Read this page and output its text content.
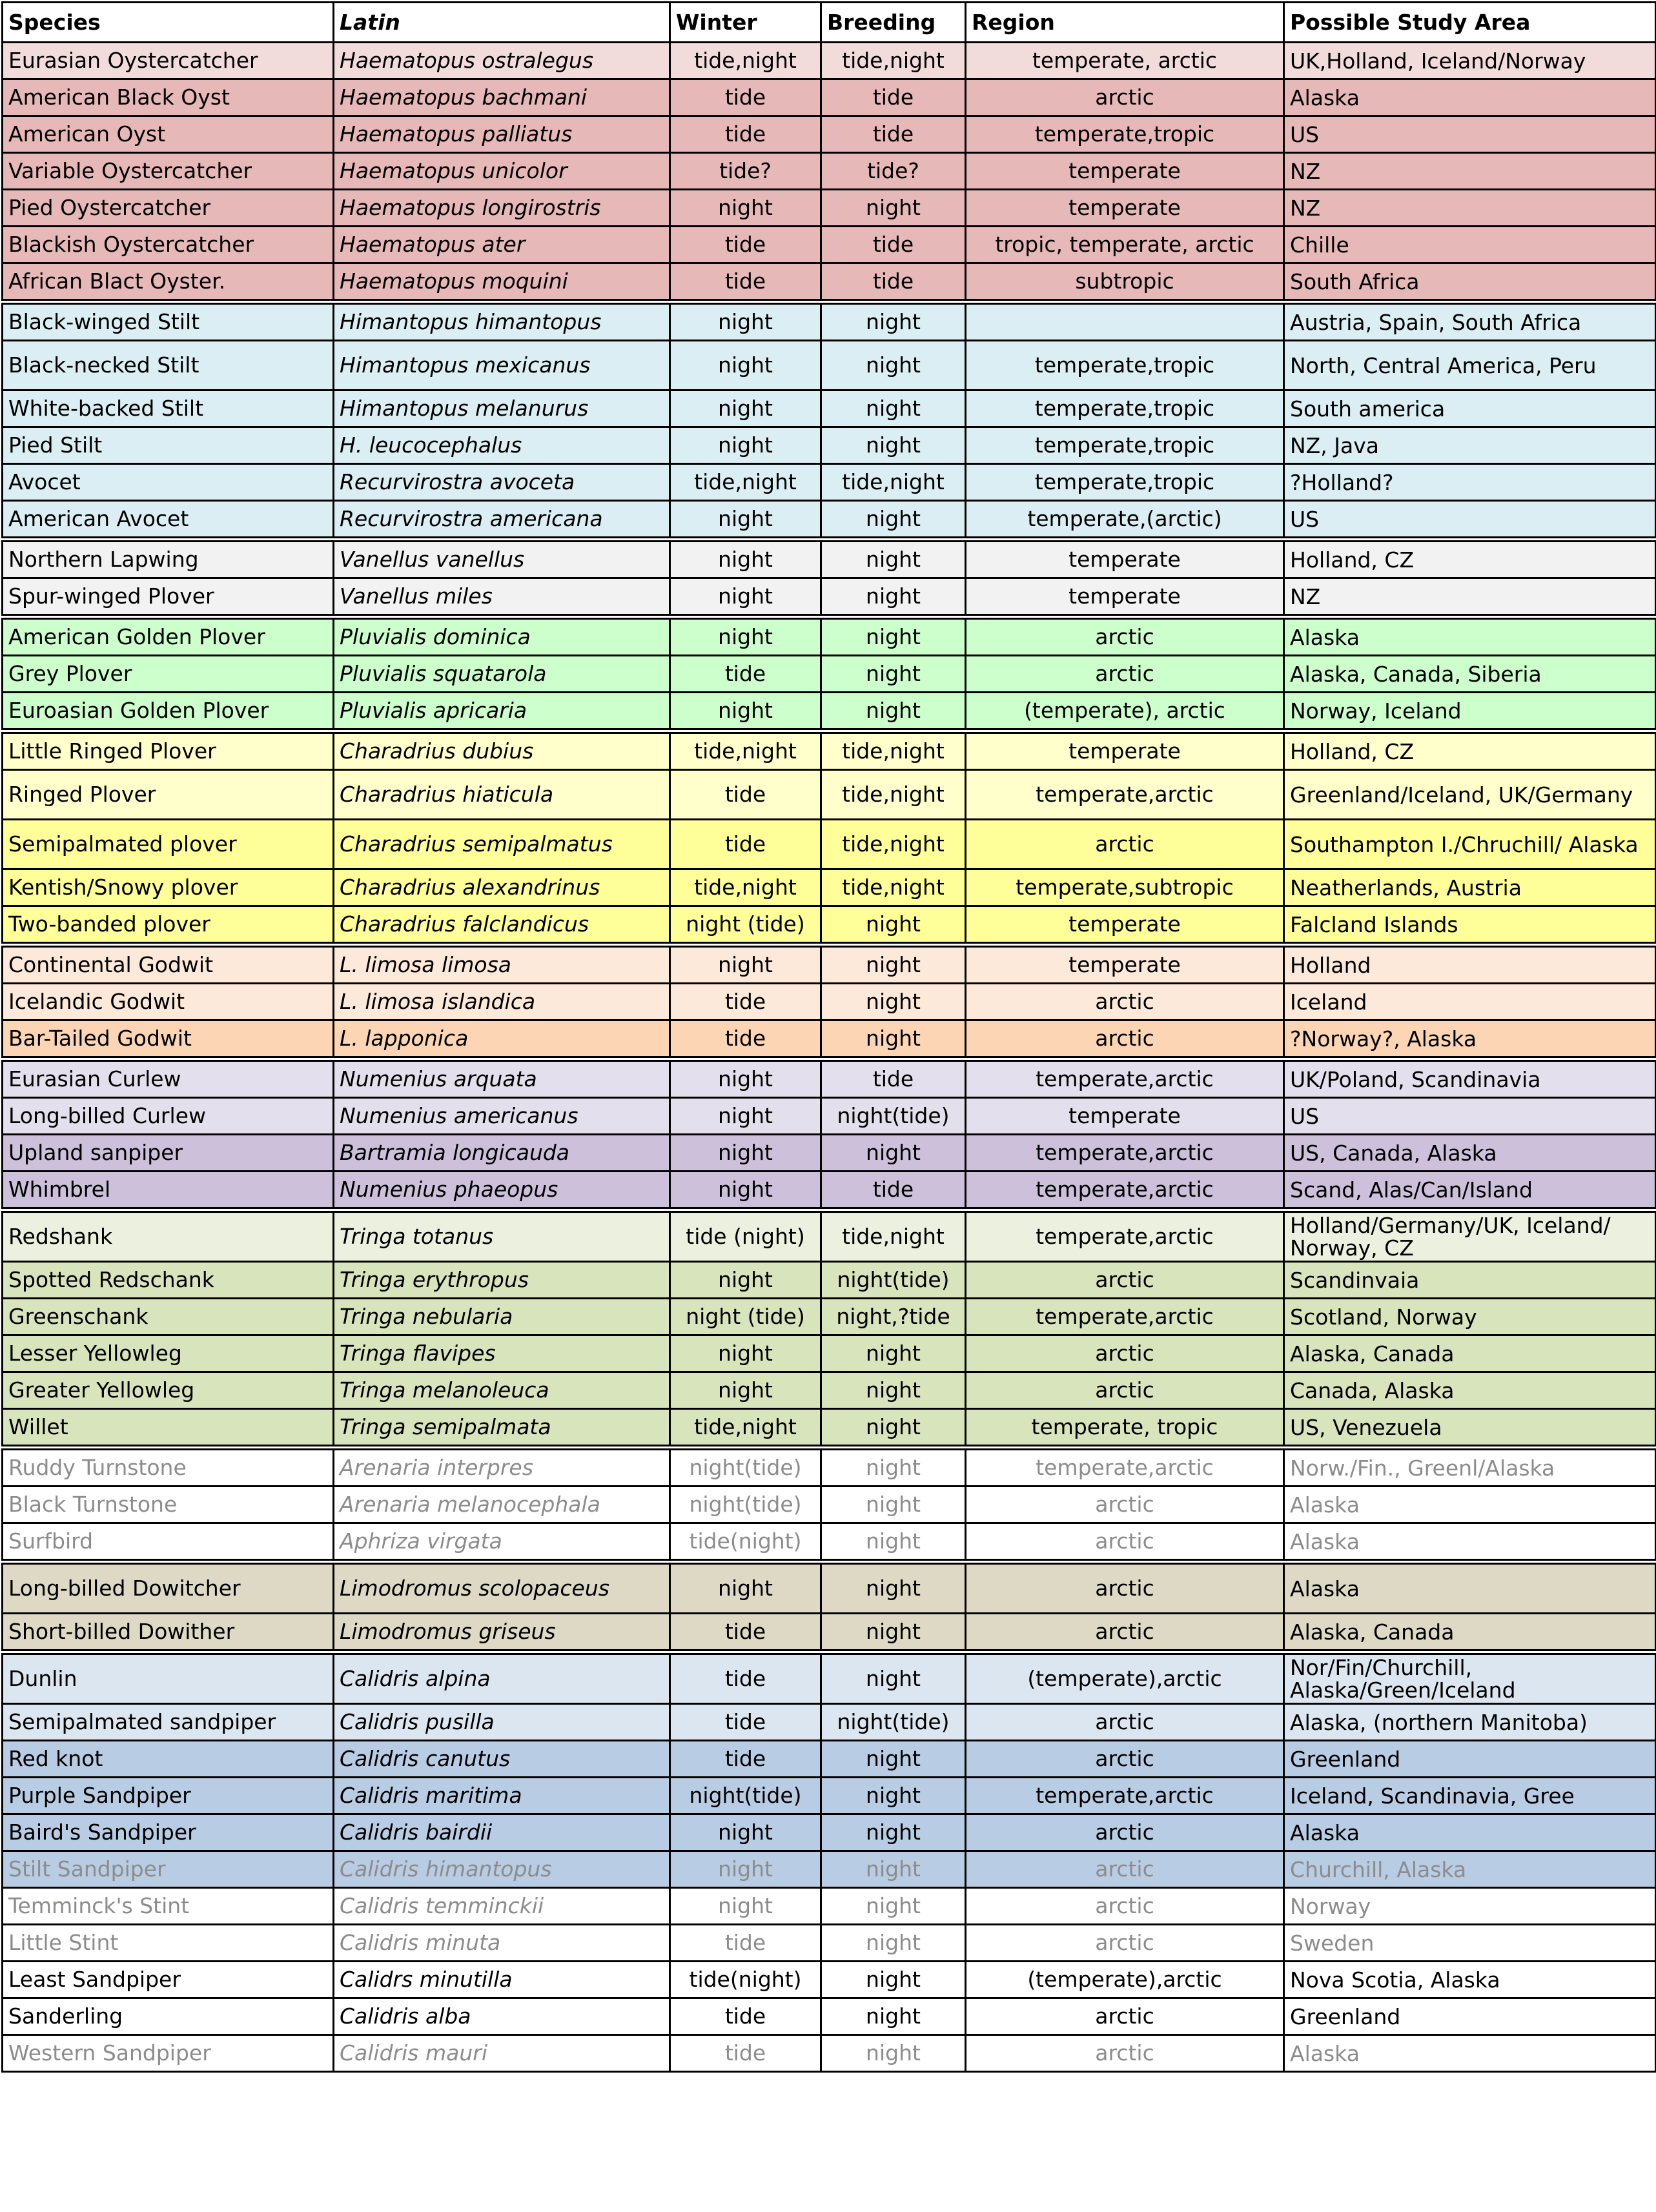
Species	Latin	Winter	Breeding	Region	Possible Study Area
Eurasian Oystercatcher	Haematopus ostralegus	tide,night	tide,night	temperate, arctic	UK,Holland, Iceland/Norway
American Black Oyst	Haematopus bachmani	tide	tide	arctic	Alaska
American Oyst	Haematopus palliatus	tide	tide	temperate,tropic	US
Variable Oystercatcher	Haematopus unicolor	tide?	tide?	temperate	NZ
Pied Oystercatcher	Haematopus longirostris	night	night	temperate	NZ
Blackish Oystercatcher	Haematopus ater	tide	tide	tropic, temperate, arctic	Chille
African Blact Oyster.	Haematopus moquini	tide	tide	subtropic	South Africa
Black-winged Stilt	Himantopus himantopus	night	night		Austria, Spain, South Africa
Black-necked Stilt	Himantopus mexicanus	night	night	temperate,tropic	North, Central America, Peru
White-backed Stilt	Himantopus melanurus	night	night	temperate,tropic	South america
Pied Stilt	H. leucocephalus	night	night	temperate,tropic	NZ, Java
Avocet	Recurvirostra avoceta	tide,night	tide,night	temperate,tropic	?Holland?
American Avocet	Recurvirostra americana	night	night	temperate,(arctic)	US
Northern Lapwing	Vanellus vanellus	night	night	temperate	Holland, CZ
Spur-winged Plover	Vanellus miles	night	night	temperate	NZ
American Golden Plover	Pluvialis dominica	night	night	arctic	Alaska
Grey Plover	Pluvialis squatarola	tide	night	arctic	Alaska, Canada, Siberia
Euroasian Golden Plover	Pluvialis apricaria	night	night	(temperate), arctic	Norway, Iceland
Little Ringed Plover	Charadrius dubius	tide,night	tide,night	temperate	Holland, CZ
Ringed Plover	Charadrius hiaticula	tide	tide,night	temperate,arctic	Greenland/Iceland, UK/Germany
Semipalmated plover	Charadrius semipalmatus	tide	tide,night	arctic	Southampton I./Chruchill/ Alaska
Kentish/Snowy plover	Charadrius alexandrinus	tide,night	tide,night	temperate,subtropic	Neatherlands, Austria
Two-banded plover	Charadrius falclandicus	night (tide)	night	temperate	Falcland Islands
Continental Godwit	L. limosa limosa	night	night	temperate	Holland
Icelandic Godwit	L. limosa islandica	tide	night	arctic	Iceland
Bar-Tailed Godwit	L. lapponica	tide	night	arctic	?Norway?, Alaska
Eurasian Curlew	Numenius arquata	night	tide	temperate,arctic	UK/Poland, Scandinavia
Long-billed Curlew	Numenius americanus	night	night(tide)	temperate	US
Upland sanpiper	Bartramia longicauda	night	night	temperate,arctic	US, Canada, Alaska
Whimbrel	Numenius phaeopus	night	tide	temperate,arctic	Scand, Alas/Can/Island
Redshank	Tringa totanus	tide (night)	tide,night	temperate,arctic	Holland/Germany/UK, Iceland/ Norway, CZ
Spotted Redschank	Tringa erythropus	night	night(tide)	arctic	Scandinvaia
Greenschank	Tringa nebularia	night (tide)	night,?tide	temperate,arctic	Scotland, Norway
Lesser Yellowleg	Tringa flavipes	night	night	arctic	Alaska, Canada
Greater Yellowleg	Tringa melanoleuca	night	night	arctic	Canada, Alaska
Willet	Tringa semipalmata	tide,night	night	temperate, tropic	US, Venezuela
Ruddy Turnstone	Arenaria interpres	night(tide)	night	temperate,arctic	Norw./Fin., Greenl/Alaska
Black Turnstone	Arenaria melanocephala	night(tide)	night	arctic	Alaska
Surfbird	Aphriza virgata	tide(night)	night	arctic	Alaska
Long-billed Dowitcher	Limodromus scolopaceus	night	night	arctic	Alaska
Short-billed Dowither	Limodromus griseus	tide	night	arctic	Alaska, Canada
Dunlin	Calidris alpina	tide	night	(temperate),arctic	Nor/Fin/Churchill, Alaska/Green/Iceland
Semipalmated sandpiper	Calidris pusilla	tide	night(tide)	arctic	Alaska, (northern Manitoba)
Red knot	Calidris canutus	tide	night	arctic	Greenland
Purple Sandpiper	Calidris maritima	night(tide)	night	temperate,arctic	Iceland, Scandinavia, Gree
Baird's Sandpiper	Calidris bairdii	night	night	arctic	Alaska
Stilt Sandpiper	Calidris himantopus	night	night	arctic	Churchill, Alaska
Temminck's Stint	Calidris temminckii	night	night	arctic	Norway
Little Stint	Calidris minuta	tide	night	arctic	Sweden
Least Sandpiper	Calidrs minutilla	tide(night)	night	(temperate),arctic	Nova Scotia, Alaska
Sanderling	Calidris alba	tide	night	arctic	Greenland
Western Sandpiper	Calidris mauri	tide	night	arctic	Alaska
